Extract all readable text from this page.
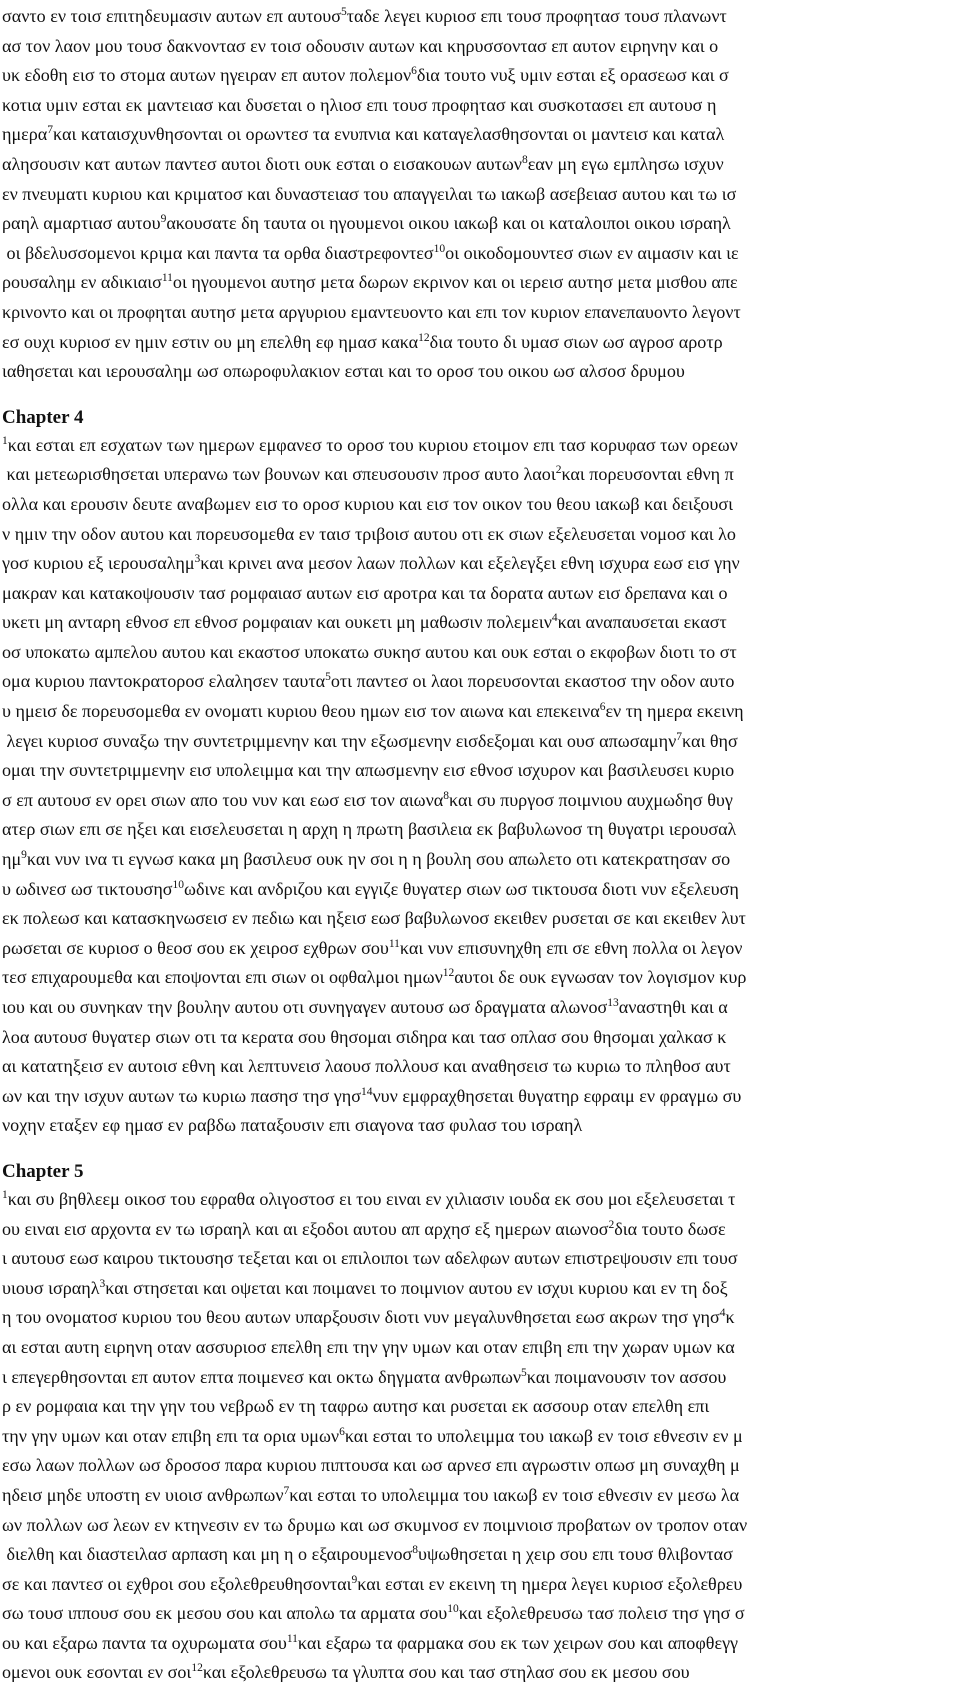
σαντο εν τοισ επιτηδευμασιν αυτων επ αυτουσ$^5$ταδε λεγει κυριοσ επι τουσ προφητασ τουσ πλανωντ
ασ τον λαον μου τουσ δακνοντασ εν τοισ οδουσιν αυτων και κηρυσσοντασ επ αυτον ειρηνην και ο
υκ εδοθη εισ το στομα αυτων ηγειραν επ αυτον πολεμον$^6$δια τουτο νυξ υμιν εσται εξ ορασεωσ και σ
κοτια υμιν εσται εκ μαντειασ και δυσεται ο ηλιοσ επι τουσ προφητασ και συσκοτασει επ αυτουσ η
ημερα$^7$και καταισχυνθησονται οι ορωντεσ τα ενυπνια και καταγελασθησονται οι μαντεισ και καταλ
αλησουσιν κατ αυτων παντεσ αυτοι διοτι ουκ εσται ο εισακουων αυτων$^8$εαν μη εγω εμπλησω ισχυν
εν πνευματι κυριου και κριματοσ και δυναστειασ του απαγγειλαι τω ιακωβ ασεβειασ αυτου και τω ισ
ραηλ αμαρτιασ αυτου$^9$ακουσατε δη ταυτα οι ηγουμενοι οικου ιακωβ και οι καταλοιποι οικου ισραηλ
οι βδελυσσομενοι κριμα και παντα τα ορθα διαστρεφοντεσ$^{10}$οι οικοδομουντεσ σιων εν αιμασιν και ιε
ρουσαλημ εν αδικιαισ$^{11}$οι ηγουμενοι αυτησ μετα δωρων εκρινον και οι ιερεισ αυτησ μετα μισθου απε
κρινοντο και οι προφηται αυτησ μετα αργυριου εμαντευοντο και επι τον κυριον επανεπαυοντο λεγοντ
εσ ουχι κυριοσ εν ημιν εστιν ου μη επελθη εφ ημασ κακα$^{12}$δια τουτο δι υμασ σιων ωσ αγροσ αροτρ
ιαθησεται και ιερουσαλημ ωσ οπωροφυλακιον εσται και το οροσ του οικου ωσ αλσοσ δρυμου
Chapter 4
$^1$και εσται επ εσχατων των ημερων εμφανεσ το οροσ του κυριου ετοιμον επι τασ κορυφασ των ορεων
και μετεωρισθησεται υπερανω των βουνων και σπευσουσιν προσ αυτο λαοι$^2$και πορευσονται εθνη π
ολλα και ερουσιν δευτε αναβωμεν εισ το οροσ κυριου και εισ τον οικον του θεου ιακωβ και δειξουσι
ν ημιν την οδον αυτου και πορευσομεθα εν ταισ τριβοισ αυτου οτι εκ σιων εξελευσεται νομοσ και λο
γοσ κυριου εξ ιερουσαλημ$^3$και κρινει ανα μεσον λαων πολλων και εξελεγξει εθνη ισχυρα εωσ εισ γην
μακραν και κατακοψουσιν τασ ρομφαιασ αυτων εισ αροτρα και τα δορατα αυτων εισ δρεπανα και ο
υκετι μη ανταρη εθνοσ επ εθνοσ ρομφαιαν και ουκετι μη μαθωσιν πολεμειν$^4$και αναπαυσεται εκαστ
οσ υποκατω αμπελου αυτου και εκαστοσ υποκατω συκησ αυτου και ουκ εσται ο εκφοβων διοτι το στ
ομα κυριου παντοκρατοροσ ελαλησεν ταυτα$^5$οτι παντεσ οι λαοι πορευσονται εκαστοσ την οδον αυτο
υ ημεισ δε πορευσομεθα εν ονοματι κυριου θεου ημων εισ τον αιωνα και επεκεινα$^6$εν τη ημερα εκεινη
λεγει κυριοσ συναξω την συντετριμμενην και την εξωσμενην εισδεξομαι και ουσ απωσαμην$^7$και θησ
ομαι την συντετριμμενην εισ υπολειμμα και την απωσμενην εισ εθνοσ ισχυρον και βασιλευσει κυριο
σ επ αυτουσ εν ορει σιων απο του νυν και εωσ εισ τον αιωνα$^8$και συ πυργοσ ποιμνιου αυχμωδησ θυγ
ατερ σιων επι σε ηξει και εισελευσεται η αρχη η πρωτη βασιλεια εκ βαβυλωνοσ τη θυγατρι ιερουσαλ
$\eta\mu^9\kappa\alpha\iota$ νυν ινα τι εγνωσ κακα μη βασιλευσ ουκ ην σοι η η βουλη σου απωλετο οτι κατεκρατησαν σο
υ ωδινεσ ωσ τικτουσησ$^{10}$ωδινε και ανδριζου και εγγιζε θυγατερ σιων ωσ τικτουσα διοτι νυν εξελευση
εκ πολεωσ και κατασκηνωσεισ εν πεδιω και ηξεισ εωσ βαβυλωνοσ εκειθεν ρυσεται σε και εκειθεν λυτ
ρωσεται σε κυριοσ ο θεοσ σου εκ χειροσ εχθρων σου$^{11}$και νυν επισυνηχθη επι σε εθνη πολλα οι λεγον
τεσ επιχαρουμεθα και εποψονται επι σιων οι οφθαλμοι ημων$^{12}$αυτοι δε ουκ εγνωσαν τον λογισμον κυρ
ιου και ου συνηκαν την βουλην αυτου οτι συνηγαγεν αυτουσ ωσ δραγματα αλωνοσ$^{13}$αναστηθι και α
λοα αυτουσ θυγατερ σιων οτι τα κερατα σου θησομαι σιδηρα και τασ οπλασ σου θησομαι χαλκασ κ
αι κατατηξεισ εν αυτοισ εθνη και λεπτυνεισ λαουσ πολλουσ και αναθησεισ τω κυριω το πληθοσ αυτ
ων και την ισχυν αυτων τω κυριω πασησ τησ γησ$^{14}$νυν εμφραχθησεται θυγατηρ εφραιμ εν φραγμω συ
νοχην εταξεν εφ ημασ εν ραβδω παταξουσιν επι σιαγονα τασ φυλασ του ισραηλ
Chapter 5
$^1$και συ βηθλεεμ οικοσ του εφραθα ολιγοστοσ ει του ειναι εν χιλιασιν ιουδα εκ σου μοι εξελευσεται τ
ου ειναι εισ αρχοντα εν τω ισραηλ και αι εξοδοι αυτου απ αρχησ εξ ημερων αιωνοσ$^2$δια τουτο δωσε
ι αυτουσ εωσ καιρου τικτουσησ τεξεται και οι επιλοιποι των αδελφων αυτων επιστρεψουσιν επι τουσ
υιουσ ισραηλ$^3$και στησεται και οψεται και ποιμανει το ποιμνιον αυτου εν ισχυι κυριου και εν τη δοξ
η του ονοματοσ κυριου του θεου αυτων υπαρξουσιν διοτι νυν μεγαλυνθησεται εωσ ακρων τησ γησ$^4$κ
αι εσται αυτη ειρηνη οταν ασσυριοσ επελθη επι την γην υμων και οταν επιβη επι την χωραν υμων κα
ι επεγερθησονται επ αυτον επτα ποιμενεσ και οκτω δηγματα ανθρωπων$^5$και ποιμανουσιν τον ασσου
ρ εν ρομφαια και την γην του νεβρωδ εν τη ταφρω αυτησ και ρυσεται εκ ασσουρ οταν επελθη επι
την γην υμων και οταν επιβη επι τα ορια υμων$^6$και εσται το υπολειμμα του ιακωβ εν τοισ εθνεσιν εν μ
εσω λαων πολλων ωσ δροσοσ παρα κυριου πιπτουσα και ωσ αρνεσ επι αγρωστιν οπωσ μη συναχθη μ
ηδεισ μηδε υποστη εν υιοισ ανθρωπων$^7$και εσται το υπολειμμα του ιακωβ εν τοισ εθνεσιν εν μεσω λα
ων πολλων ωσ λεων εν κτηνεσιν εν τω δρυμω και ωσ σκυμνοσ εν ποιμνιοισ προβατων ον τροπον οταν
διελθη και διαστειλασ αρπαση και μη η ο εξαιρουμενοσ$^8$υψωθησεται η χειρ σου επι τουσ θλιβοντασ
σε και παντεσ οι εχθροι σου εξολεθρευθησονται$^9$και εσται εν εκεινη τη ημερα λεγει κυριοσ εξολεθρευ
σω τουσ ιππουσ σου εκ μεσου σου και απολω τα αρματα σου$^{10}$και εξολεθρευσω τασ πολεισ τησ γησ σ
ου και εξαρω παντα τα οχυρωματα σου$^{11}$και εξαρω τα φαρμακα σου εκ των χειρων σου και αποφθεγγ
ομενοι ουκ εσονται εν σοι$^{12}$και εξολεθρευσω τα γλυπτα σου και τασ στηλασ σου εκ μεσου σου
